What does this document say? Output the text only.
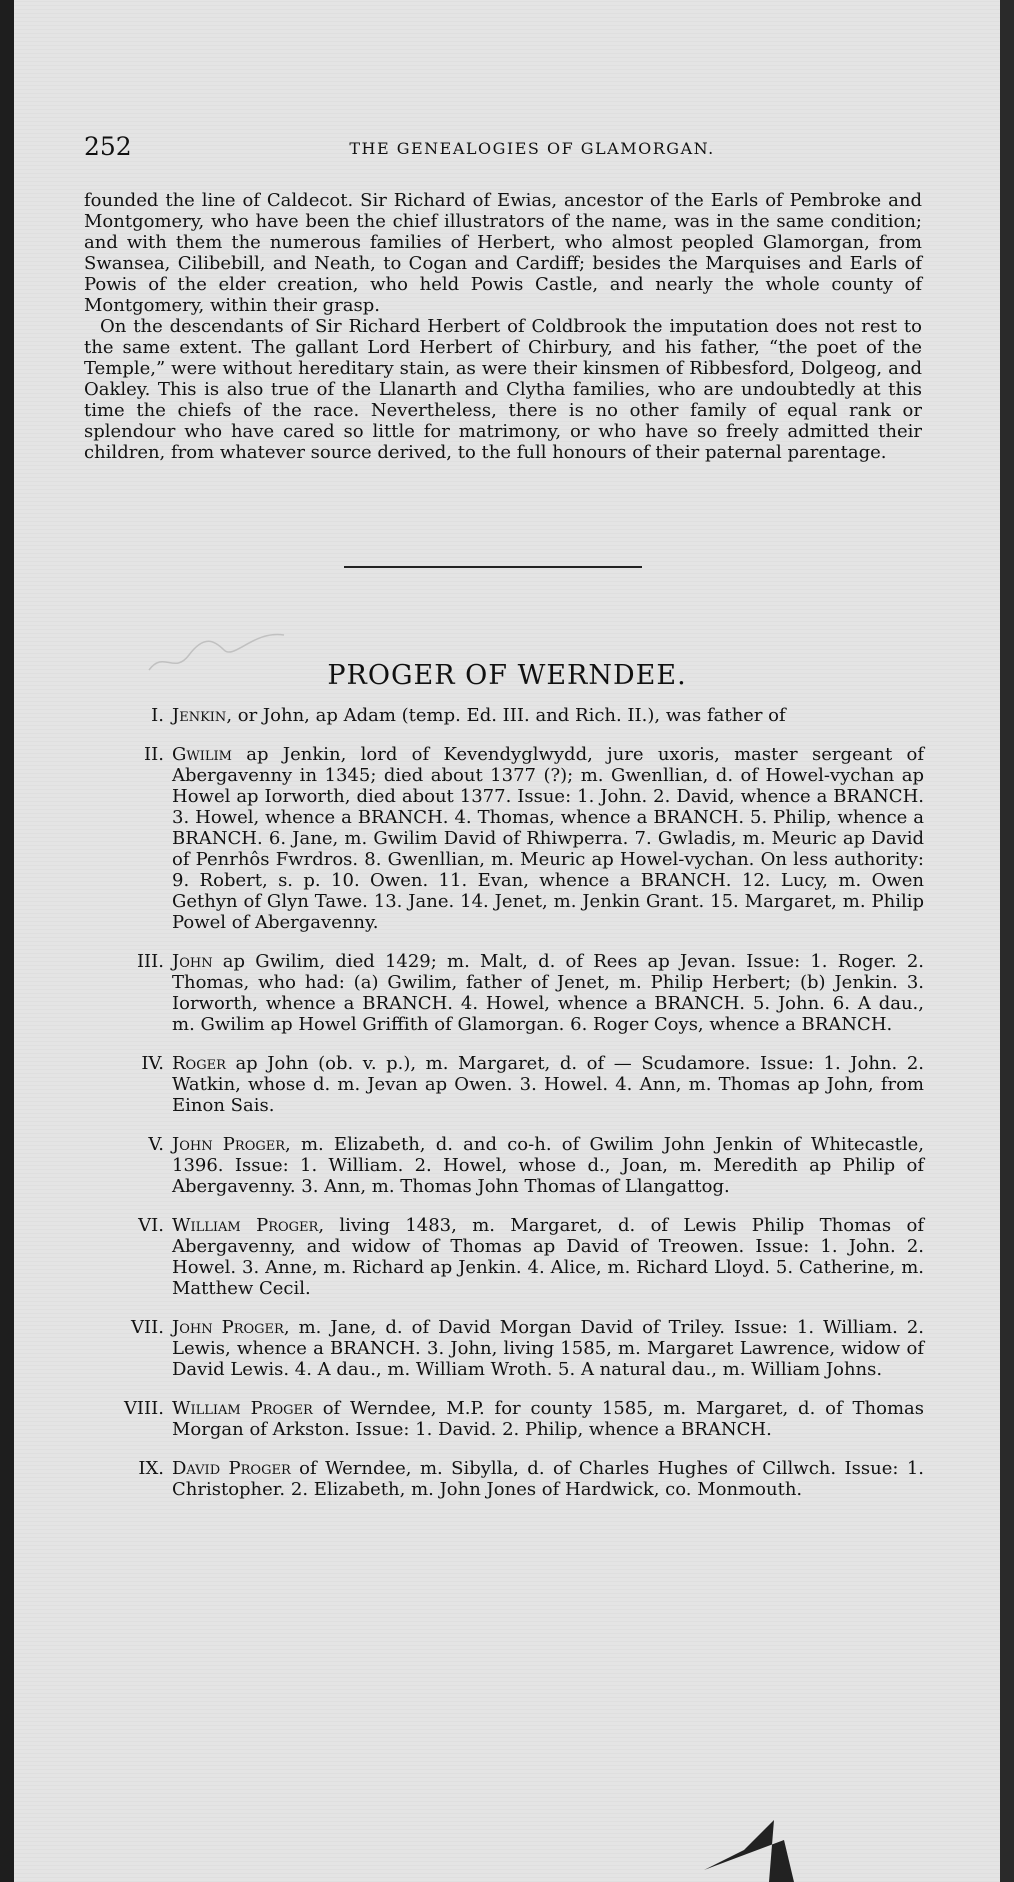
252	THE GENEALOGIES OF GLAMORGAN.

founded the line of Caldecot. Sir Richard of Ewias, ancestor of the Earls of Pembroke and Montgomery, who have been the chief illustrators of the name, was in the same condition; and with them the numerous families of Herbert, who almost peopled Glamorgan, from Swansea, Cilibebill, and Neath, to Cogan and Cardiff; besides the Marquises and Earls of Powis of the elder creation, who held Powis Castle, and nearly the whole county of Montgomery, within their grasp.

On the descendants of Sir Richard Herbert of Coldbrook the imputation does not rest to the same extent. The gallant Lord Herbert of Chirbury, and his father, “the poet of the Temple,” were without hereditary stain, as were their kinsmen of Ribbesford, Dolgeog, and Oakley. This is also true of the Llanarth and Clytha families, who are undoubtedly at this time the chiefs of the race. Nevertheless, there is no other family of equal rank or splendour who have cared so little for matrimony, or who have so freely admitted their children, from whatever source derived, to the full honours of their paternal parentage.

PROGER OF WERNDEE.
I. Jenkin, or John, ap Adam (temp. Ed. III. and Rich. II.), was father of
II. Gwilim ap Jenkin, lord of Kevendyglwydd, jure uxoris, master sergeant of Abergavenny in 1345; died about 1377 (?); m. Gwenllian, d. of Howel-vychan ap Howel ap Iorworth, died about 1377. Issue: 1. John. 2. David, whence a BRANCH. 3. Howel, whence a BRANCH. 4. Thomas, whence a BRANCH. 5. Philip, whence a BRANCH. 6. Jane, m. Gwilim David of Rhiwperra. 7. Gwladis, m. Meuric ap David of Penrhôs Fwrdros. 8. Gwenllian, m. Meuric ap Howel-vychan. On less authority: 9. Robert, s. p. 10. Owen. 11. Evan, whence a BRANCH. 12. Lucy, m. Owen Gethyn of Glyn Tawe. 13. Jane. 14. Jenet, m. Jenkin Grant. 15. Margaret, m. Philip Powel of Abergavenny.
III. John ap Gwilim, died 1429; m. Malt, d. of Rees ap Jevan. Issue: 1. Roger. 2. Thomas, who had: (a) Gwilim, father of Jenet, m. Philip Herbert; (b) Jenkin. 3. Iorworth, whence a BRANCH. 4. Howel, whence a BRANCH. 5. John. 6. A dau., m. Gwilim ap Howel Griffith of Glamorgan. 6. Roger Coys, whence a BRANCH.
IV. Roger ap John (ob. v. p.), m. Margaret, d. of — Scudamore. Issue: 1. John. 2. Watkin, whose d. m. Jevan ap Owen. 3. Howel. 4. Ann, m. Thomas ap John, from Einon Sais.
V. John Proger, m. Elizabeth, d. and co-h. of Gwilim John Jenkin of Whitecastle, 1396. Issue: 1. William. 2. Howel, whose d., Joan, m. Meredith ap Philip of Abergavenny. 3. Ann, m. Thomas John Thomas of Llangattog.
VI. William Proger, living 1483, m. Margaret, d. of Lewis Philip Thomas of Abergavenny, and widow of Thomas ap David of Treowen. Issue: 1. John. 2. Howel. 3. Anne, m. Richard ap Jenkin. 4. Alice, m. Richard Lloyd. 5. Catherine, m. Matthew Cecil.
VII. John Proger, m. Jane, d. of David Morgan David of Triley. Issue: 1. William. 2. Lewis, whence a BRANCH. 3. John, living 1585, m. Margaret Lawrence, widow of David Lewis. 4. A dau., m. William Wroth. 5. A natural dau., m. William Johns.
VIII. William Proger of Werndee, M.P. for county 1585, m. Margaret, d. of Thomas Morgan of Arkston. Issue: 1. David. 2. Philip, whence a BRANCH.
IX. David Proger of Werndee, m. Sibylla, d. of Charles Hughes of Cillwch. Issue: 1. Christopher. 2. Elizabeth, m. John Jones of Hardwick, co. Monmouth.
